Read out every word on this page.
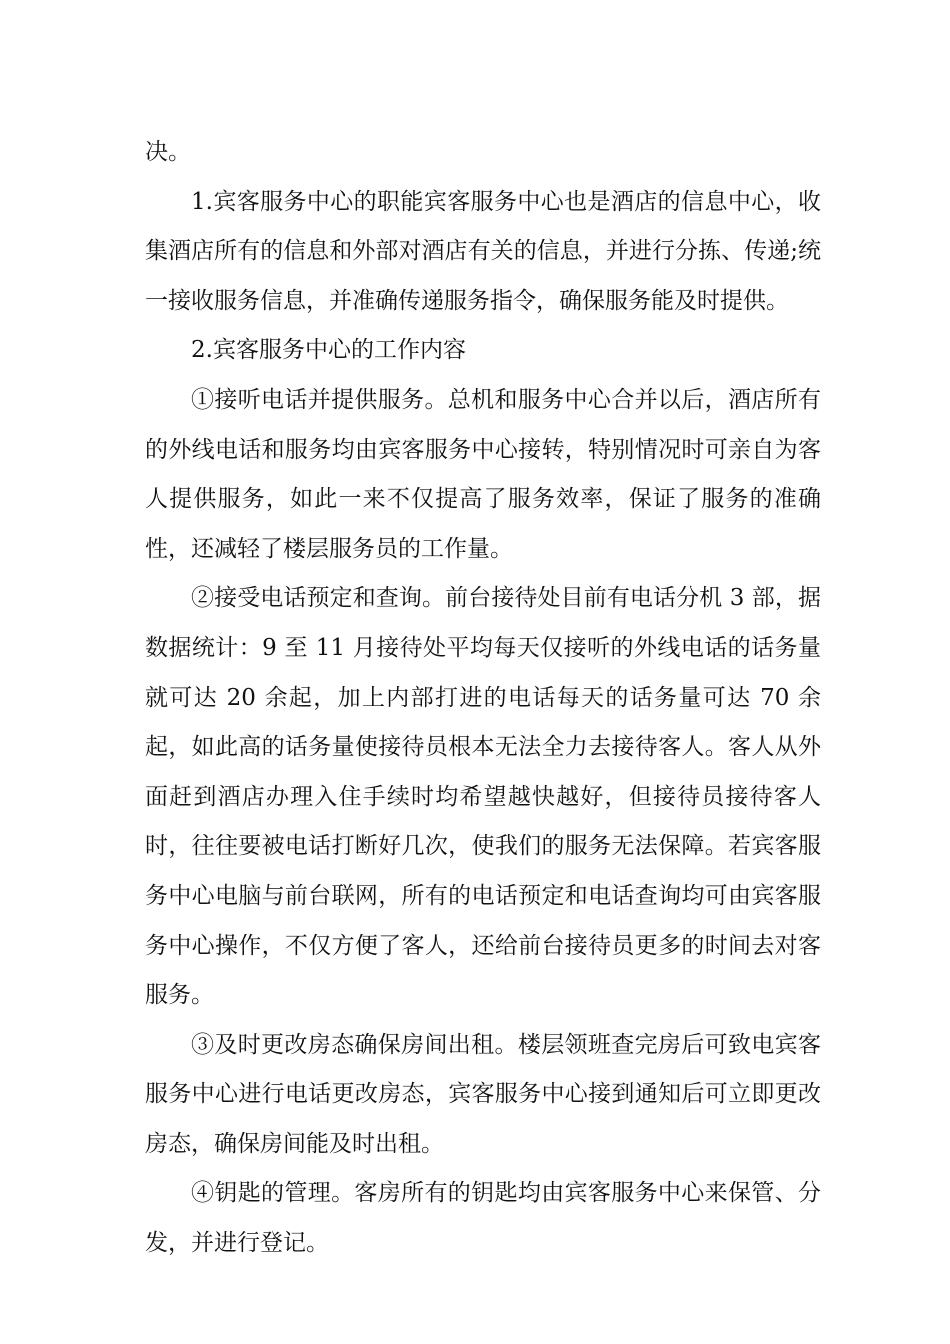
决。

1.宾客服务中心的职能宾客服务中心也是酒店的信息中心，收集酒店所有的信息和外部对酒店有关的信息，并进行分拣、传递;统一接收服务信息，并准确传递服务指令，确保服务能及时提供。

2.宾客服务中心的工作内容

①接听电话并提供服务。总机和服务中心合并以后，酒店所有的外线电话和服务均由宾客服务中心接转，特别情况时可亲自为客人提供服务，如此一来不仅提高了服务效率，保证了服务的准确性，还减轻了楼层服务员的工作量。

②接受电话预定和查询。前台接待处目前有电话分机 3 部，据数据统计：9 至 11 月接待处平均每天仅接听的外线电话的话务量就可达 20 余起，加上内部打进的电话每天的话务量可达 70 余起，如此高的话务量使接待员根本无法全力去接待客人。客人从外面赶到酒店办理入住手续时均希望越快越好，但接待员接待客人时，往往要被电话打断好几次，使我们的服务无法保障。若宾客服务中心电脑与前台联网，所有的电话预定和电话查询均可由宾客服务中心操作，不仅方便了客人，还给前台接待员更多的时间去对客服务。

③及时更改房态确保房间出租。楼层领班查完房后可致电宾客服务中心进行电话更改房态，宾客服务中心接到通知后可立即更改房态，确保房间能及时出租。

④钥匙的管理。客房所有的钥匙均由宾客服务中心来保管、分发，并进行登记。
